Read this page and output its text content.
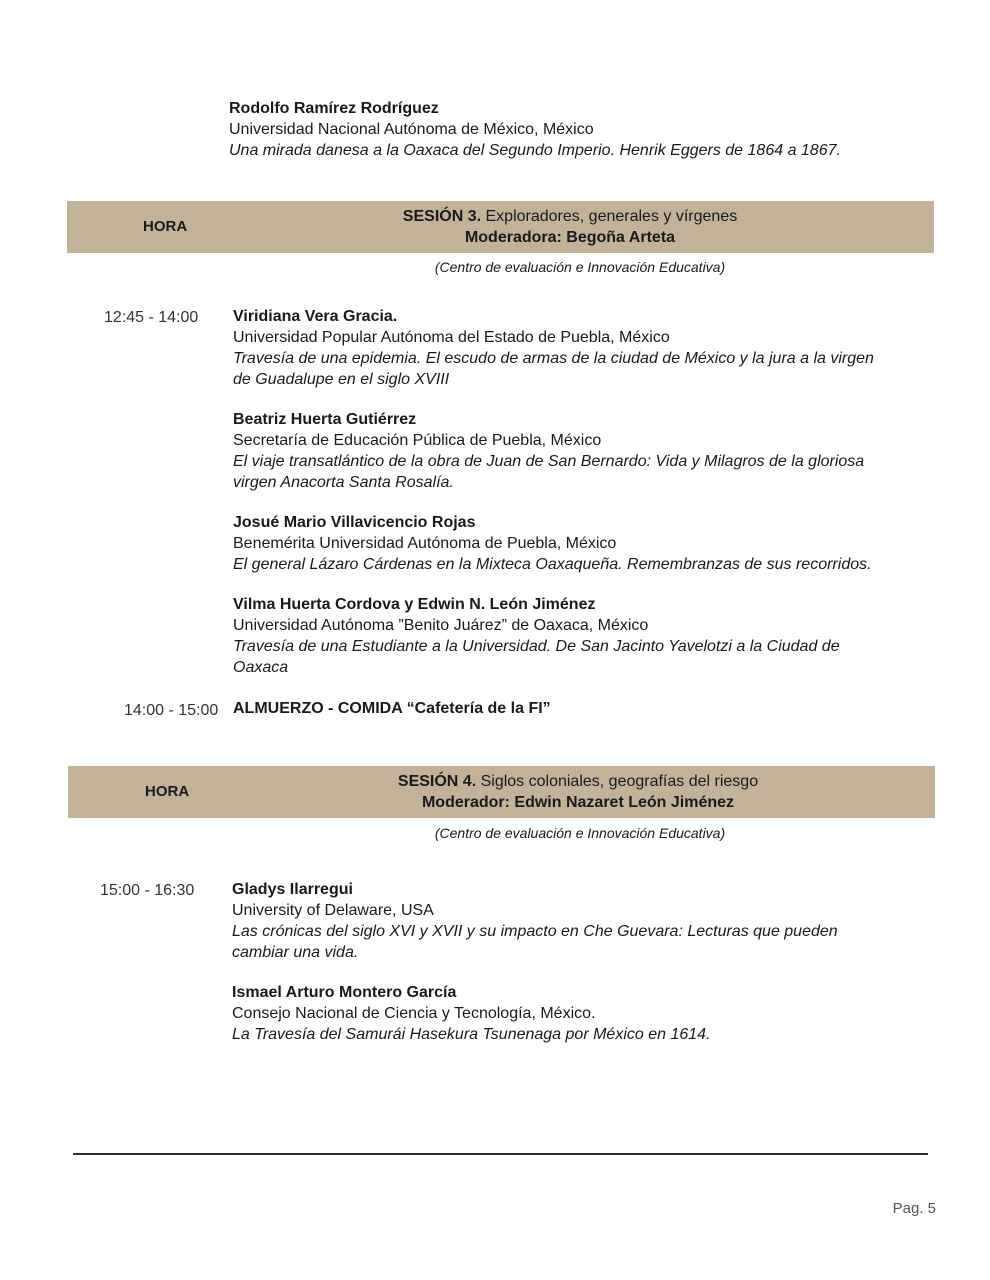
Rodolfo Ramírez Rodríguez
Universidad Nacional Autónoma de México, México
Una mirada danesa a la Oaxaca del Segundo Imperio. Henrik Eggers de 1864 a 1867.
HORA
SESIÓN 3. Exploradores, generales y vírgenes
Moderadora: Begoña Arteta
(Centro de evaluación e Innovación Educativa)
12:45 - 14:00 Viridiana Vera Gracia.
Universidad Popular Autónoma del Estado de Puebla, México
Travesía de una epidemia. El escudo de armas de la ciudad de México y la jura a la virgen
de Guadalupe en el siglo XVIII
Beatriz Huerta Gutiérrez
Secretaría de Educación Pública de Puebla, México
El viaje transatlántico de la obra de Juan de San Bernardo: Vida y Milagros de la gloriosa
virgen Anacorta Santa Rosalía.
Josué Mario Villavicencio Rojas
Benemérita Universidad Autónoma de Puebla, México
El general Lázaro Cárdenas en la Mixteca Oaxaqueña. Remembranzas de sus recorridos.
Vilma Huerta Cordova y Edwin N. León Jiménez
Universidad Autónoma ”Benito Juárez” de Oaxaca, México
Travesía de una Estudiante a la Universidad. De San Jacinto Yavelotzi a la Ciudad de
Oaxaca
14:00 - 15:00 ALMUERZO - COMIDA “Cafetería de la FI”
HORA
SESIÓN 4. Siglos coloniales, geografías del riesgo
Moderador: Edwin Nazaret León Jiménez
(Centro de evaluación e Innovación Educativa)
15:00 - 16:30 Gladys Ilarregui
University of Delaware, USA
Las crónicas del siglo XVI y XVII y su impacto en Che Guevara: Lecturas que pueden
cambiar una vida.
Ismael Arturo Montero García
Consejo Nacional de Ciencia y Tecnología, México.
La Travesía del Samurái Hasekura Tsunenaga por México en 1614.
Pag. 5
